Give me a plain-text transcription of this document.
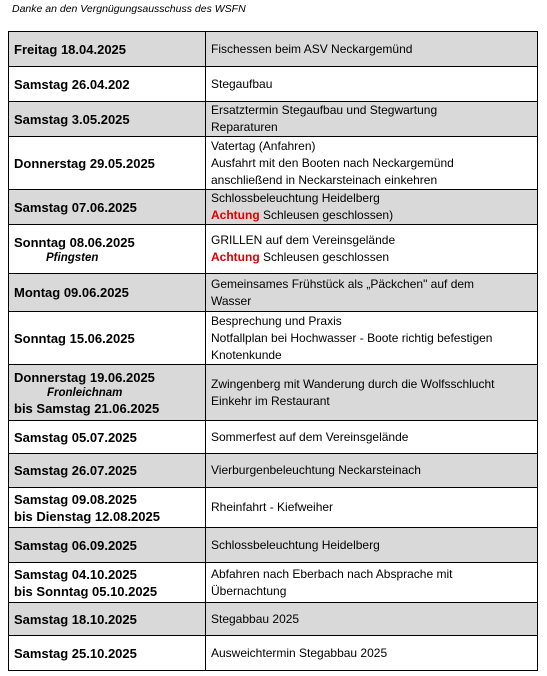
Danke an den Vergnügungsausschuss des WSFN
Freitag 18.04.2025	Fischessen beim ASV Neckargemünd
Samstag 26.04.202	Stegaufbau
Samstag 3.05.2025	Ersatztermin Stegaufbau und Stegwartung
Reparaturen
Donnerstag 29.05.2025	Vatertag (Anfahren)
Ausfahrt mit den Booten nach Neckargemünd
anschließend in Neckarsteinach einkehren
Samstag 07.06.2025	Schlossbeleuchtung Heidelberg
Achtung Schleusen geschlossen)
Sonntag 08.06.2025
Pfingsten	GRILLEN auf dem Vereinsgelände
Achtung Schleusen geschlossen
Montag 09.06.2025	Gemeinsames Frühstück als „Päckchen" auf dem
Wasser
Sonntag 15.06.2025	Besprechung und Praxis
Notfallplan bei Hochwasser - Boote richtig befestigen
Knotenkunde
Donnerstag 19.06.2025
Fronleichnam
bis Samstag 21.06.2025	Zwingenberg mit Wanderung durch die Wolfsschlucht
Einkehr im Restaurant
Samstag 05.07.2025	Sommerfest auf dem Vereinsgelände
Samstag 26.07.2025	Vierburgenbeleuchtung Neckarsteinach
Samstag 09.08.2025
bis Dienstag 12.08.2025	Rheinfahrt - Kiefweiher
Samstag 06.09.2025	Schlossbeleuchtung Heidelberg
Samstag 04.10.2025
bis Sonntag 05.10.2025	Abfahren nach Eberbach nach Absprache mit
Übernachtung
Samstag 18.10.2025	Stegabbau 2025
Samstag 25.10.2025	Ausweichtermin Stegabbau 2025
